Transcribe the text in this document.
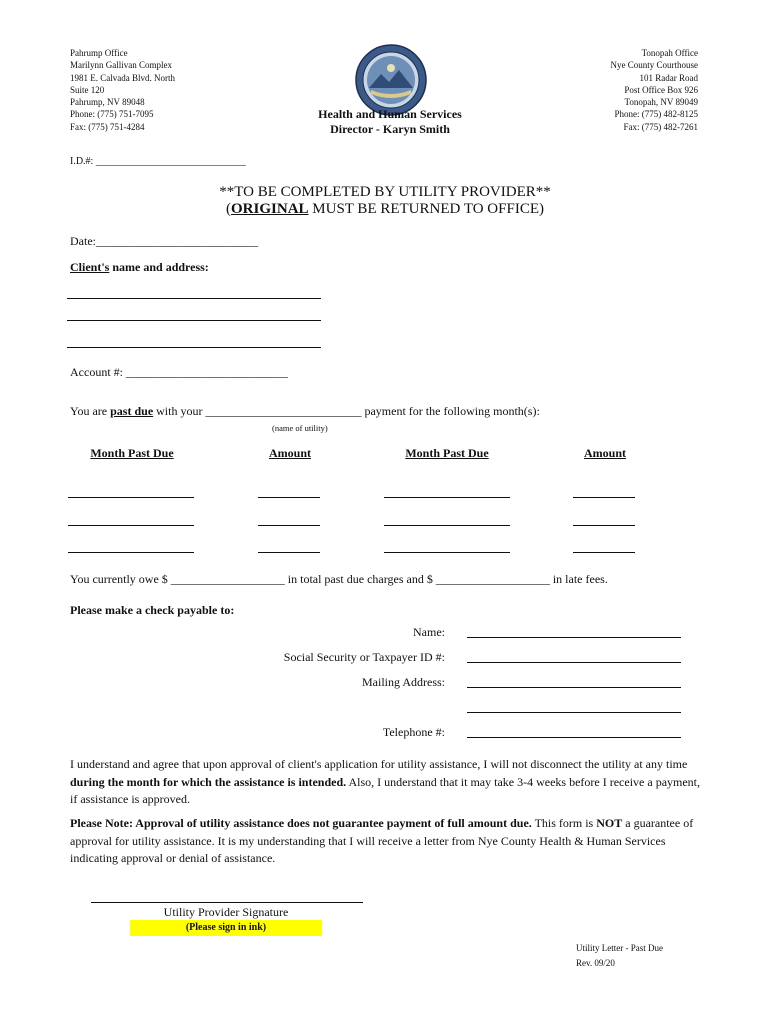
Pahrump Office
Marilynn Gallivan Complex
1981 E. Calvada Blvd. North
Suite 120
Pahrump, NV 89048
Phone: (775) 751-7095
Fax: (775) 751-4284
Tonopah Office
Nye County Courthouse
101 Radar Road
Post Office Box 926
Tonopah, NV 89049
Phone: (775) 482-8125
Fax: (775) 482-7261
Health and Human Services
Director - Karyn Smith
I.D.#: ______________________________
**TO BE COMPLETED BY UTILITY PROVIDER**
(ORIGINAL MUST BE RETURNED TO OFFICE)
Date:___________________________
Client's name and address:
Account #: ___________________________
You are past due with your __________________________ payment for the following month(s):
(name of utility)
Month Past Due	Amount	Month Past Due	Amount
You currently owe $ ___________________ in total past due charges and $ ___________________ in late fees.
Please make a check payable to:
Name:
Social Security or Taxpayer ID #:
Mailing Address:
Telephone #:
I understand and agree that upon approval of client's application for utility assistance, I will not disconnect the utility at any time during the month for which the assistance is intended. Also, I understand that it may take 3-4 weeks before I receive a payment, if assistance is approved.
Please Note: Approval of utility assistance does not guarantee payment of full amount due. This form is NOT a guarantee of approval for utility assistance. It is my understanding that I will receive a letter from Nye County Health & Human Services indicating approval or denial of assistance.
Utility Provider Signature
(Please sign in ink)
Utility Letter - Past Due
Rev. 09/20
